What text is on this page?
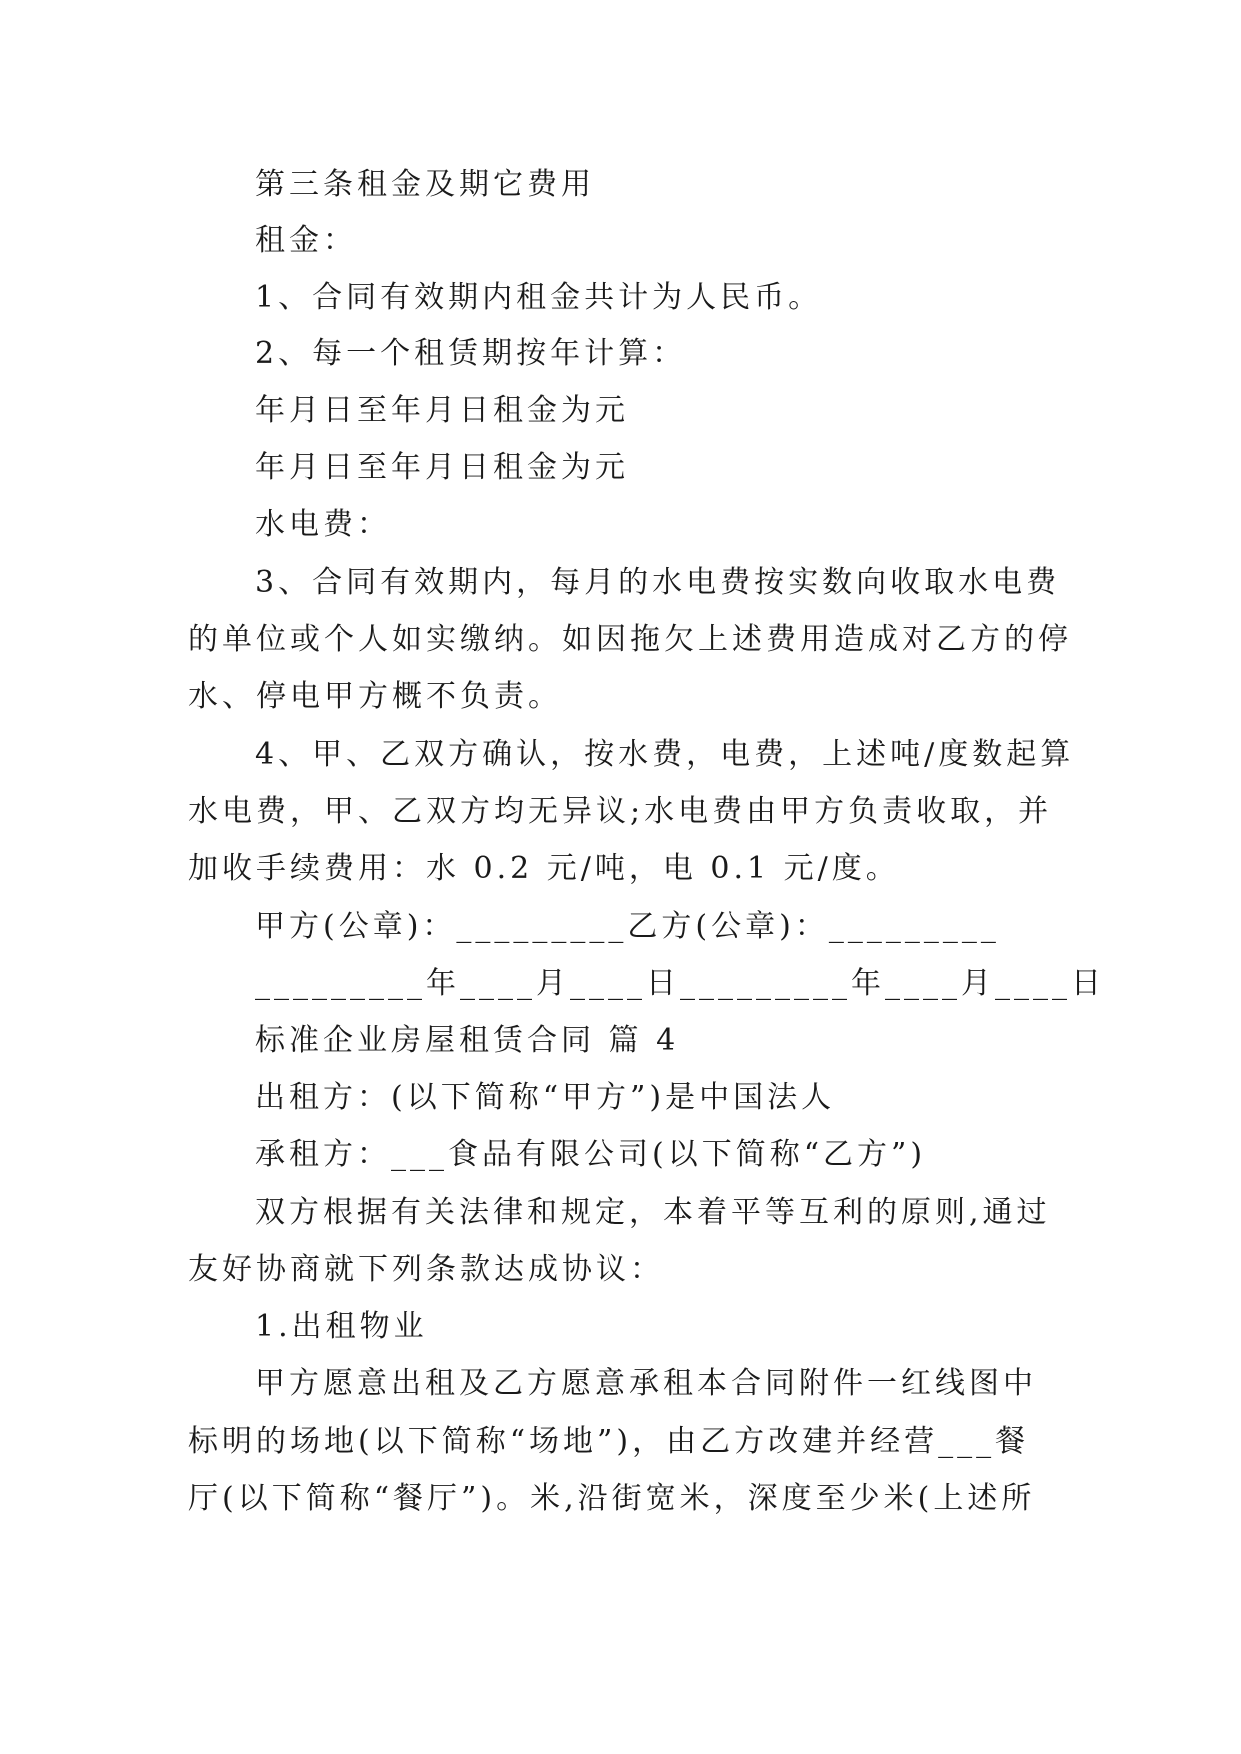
第三条租金及期它费用
租金：
1、合同有效期内租金共计为人民币。
2、每一个租赁期按年计算：
年月日至年月日租金为元
年月日至年月日租金为元
水电费：
3、合同有效期内，每月的水电费按实数向收取水电费
的单位或个人如实缴纳。如因拖欠上述费用造成对乙方的停
水、停电甲方概不负责。
4、甲、乙双方确认，按水费，电费，上述吨/度数起算
水电费，甲、乙双方均无异议;水电费由甲方负责收取，并
加收手续费用：水 0.2 元/吨，电 0.1 元/度。
甲方(公章)：_________乙方(公章)：_________
_________年____月____日_________年____月____日
标准企业房屋租赁合同 篇 4
出租方：(以下简称“甲方”)是中国法人
承租方：___食品有限公司(以下简称“乙方”)
双方根据有关法律和规定，本着平等互利的原则,通过
友好协商就下列条款达成协议：
1.出租物业
甲方愿意出租及乙方愿意承租本合同附件一红线图中
标明的场地(以下简称“场地”)，由乙方改建并经营___餐
厅(以下简称“餐厅”)。米,沿街宽米，深度至少米(上述所
